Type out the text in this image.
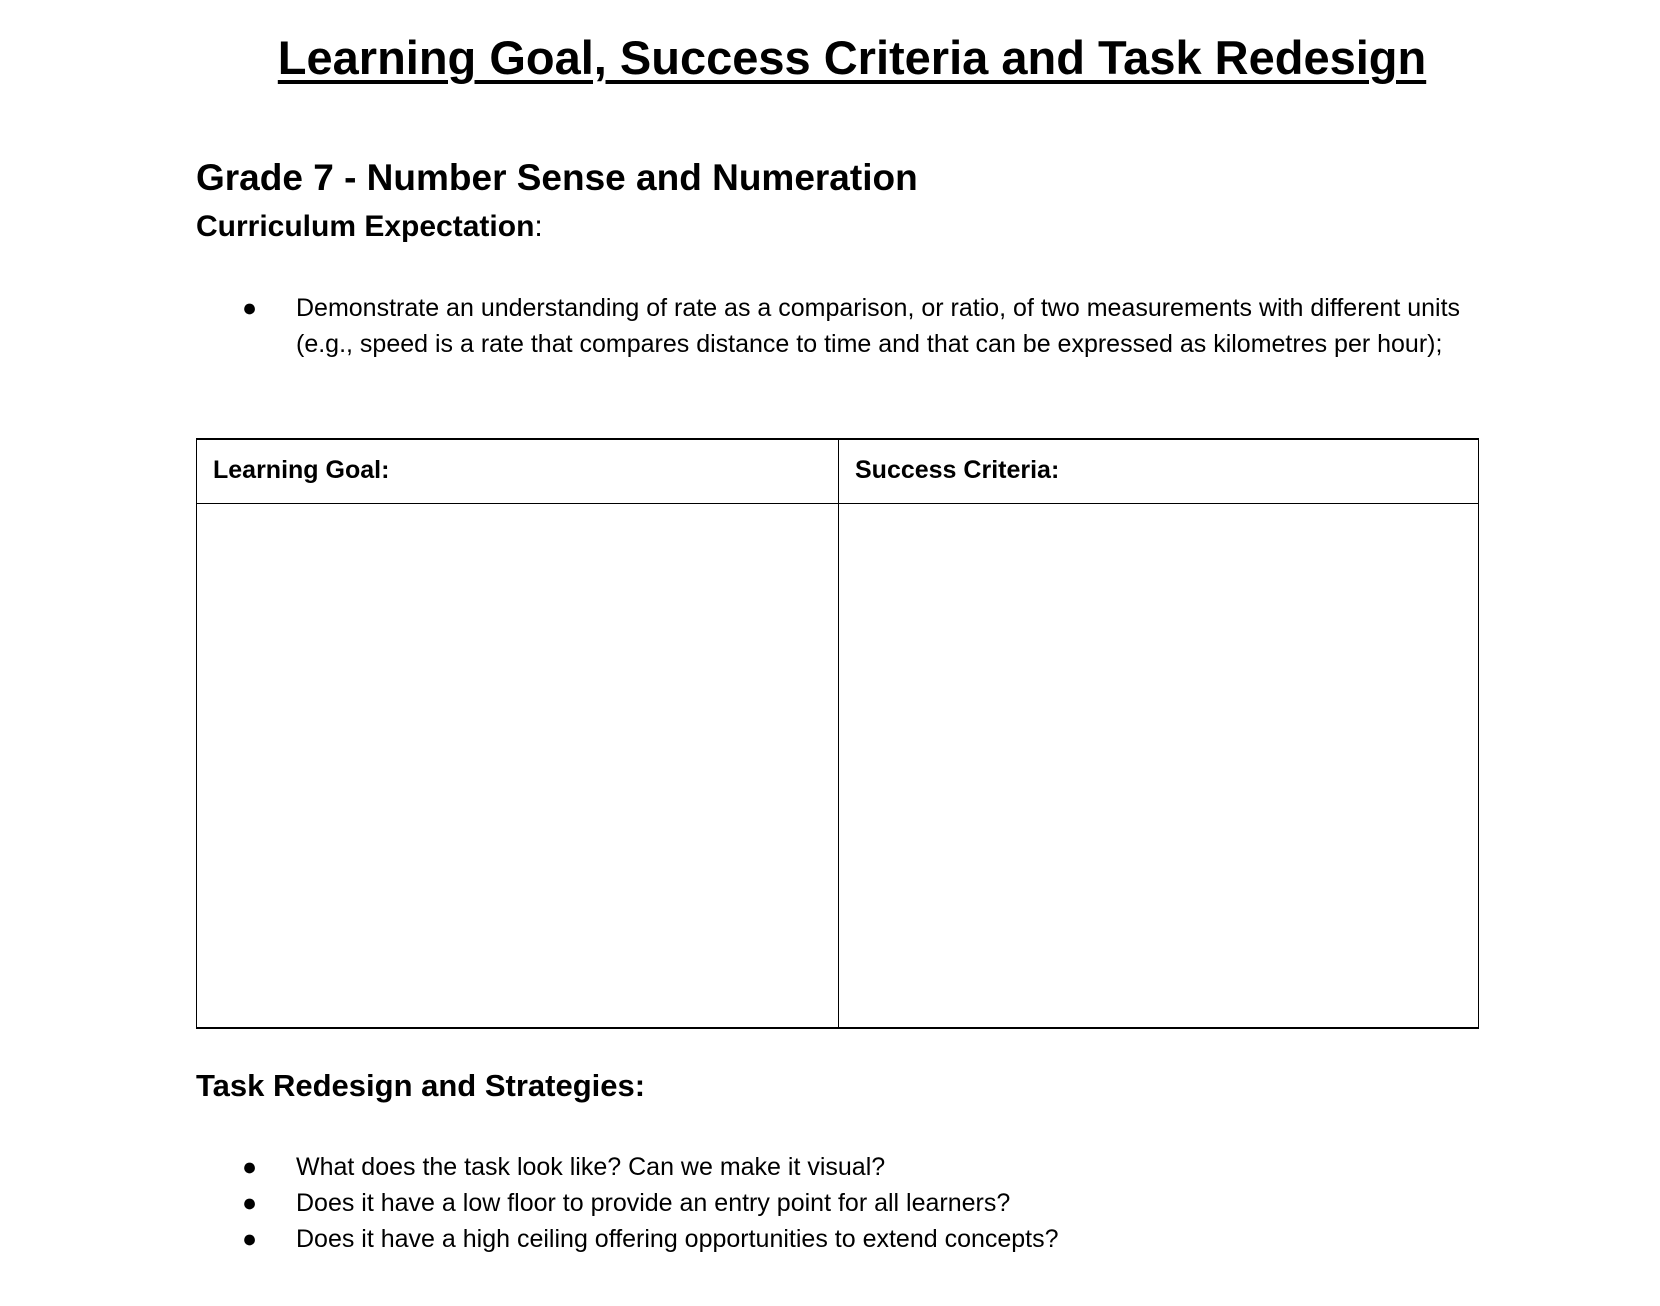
Learning Goal, Success Criteria and Task Redesign
Grade 7 - Number Sense and Numeration
Curriculum Expectation:
● Demonstrate an understanding of rate as a comparison, or ratio, of two measurements with different units (e.g., speed is a rate that compares distance to time and that can be expressed as kilometres per hour);
Learning Goal:	Success Criteria:
Task Redesign and Strategies:
● What does the task look like? Can we make it visual?
● Does it have a low floor to provide an entry point for all learners?
● Does it have a high ceiling offering opportunities to extend concepts?
